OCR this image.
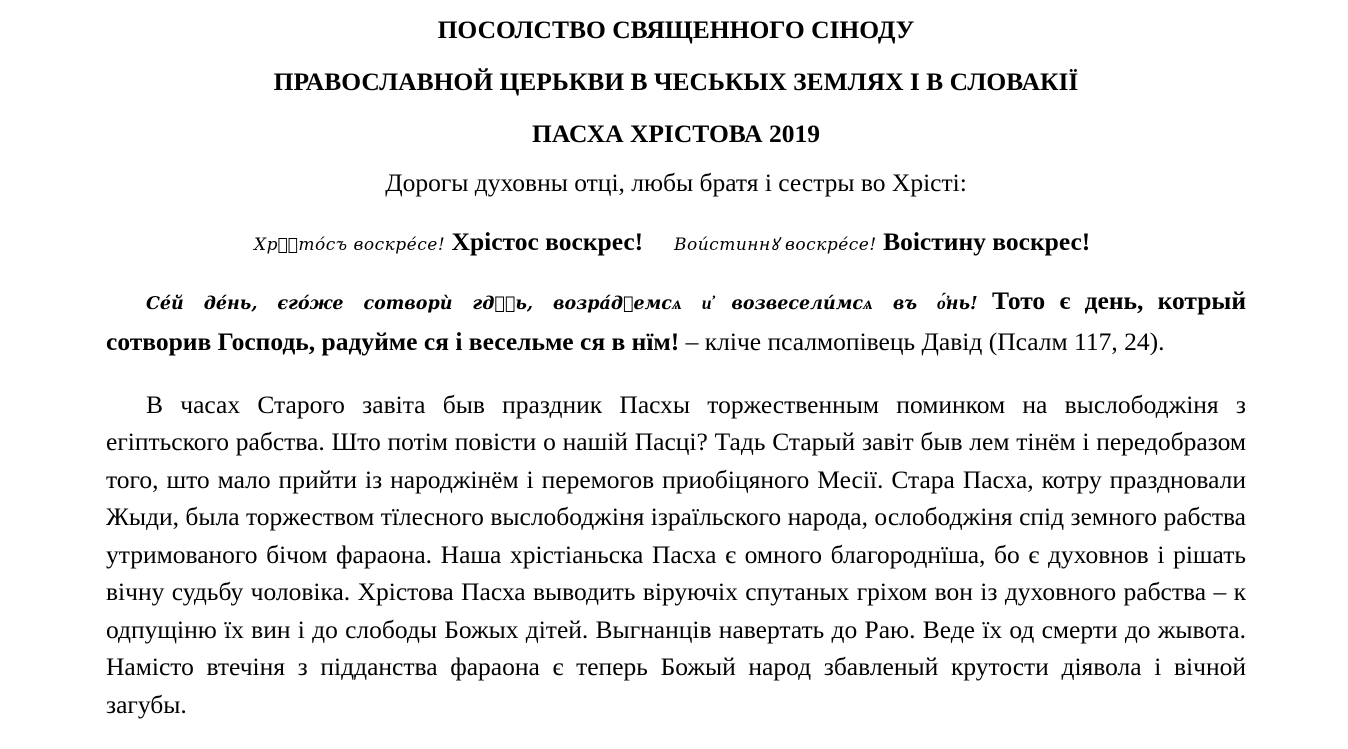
ПОСОЛСТВО СВЯЩЕННОГО СІНОДУ
ПРАВОСЛАВНОЙ ЦЕРЬКВИ В ЧЕСЬКЫХ ЗЕМЛЯХ І В СЛОВАКІЇ
ПАСХА ХРІСТОВА 2019
Дорогы духовны отці, любы братя і сестры во Хрісті:
Хрⷭ҇то́съ воскре́се! Хрістос воскрес! Вои́стиннꙋ воскре́се! Воістину воскрес!

Се́й де́нь, єго́же сотворѝ гдⷭ҇ь, возра́дꙋемсѧ и҆ возвесели́мсѧ въ о҆́нь! Тото є день, котрый сотворив Господь, радуйме ся і весельме ся в нїм! – кліче псалмопівець Давід (Псалм 117, 24).

В часах Старого завіта быв праздник Пасхы торжественным поминком на выслободжіня з егіптьского рабства. Што потім повісти о нашій Пасці? Тадь Старый завіт быв лем тінём і передобразом того, што мало прийти із народжінём і перемогов приобіцяного Месії. Стара Пасха, котру праздновали Жыди, была торжеством тїлесного выслободжіня ізраїльского народа, ослободжіня спід земного рабства утримованого бічом фараона. Наша хрістіаньска Пасха є омного благороднїша, бо є духовнов і рішать вічну судьбу чоловіка. Хрістова Пасха выводить віруючіх спутаных гріхом вон із духовного рабства – к одпущіню їх вин і до слободы Божых дітей. Выгнанців навертать до Раю. Веде їх од смерти до жывота. Намісто втечіня з підданства фараона є теперь Божый народ збавленый крутости діявола і вічной загубы.
